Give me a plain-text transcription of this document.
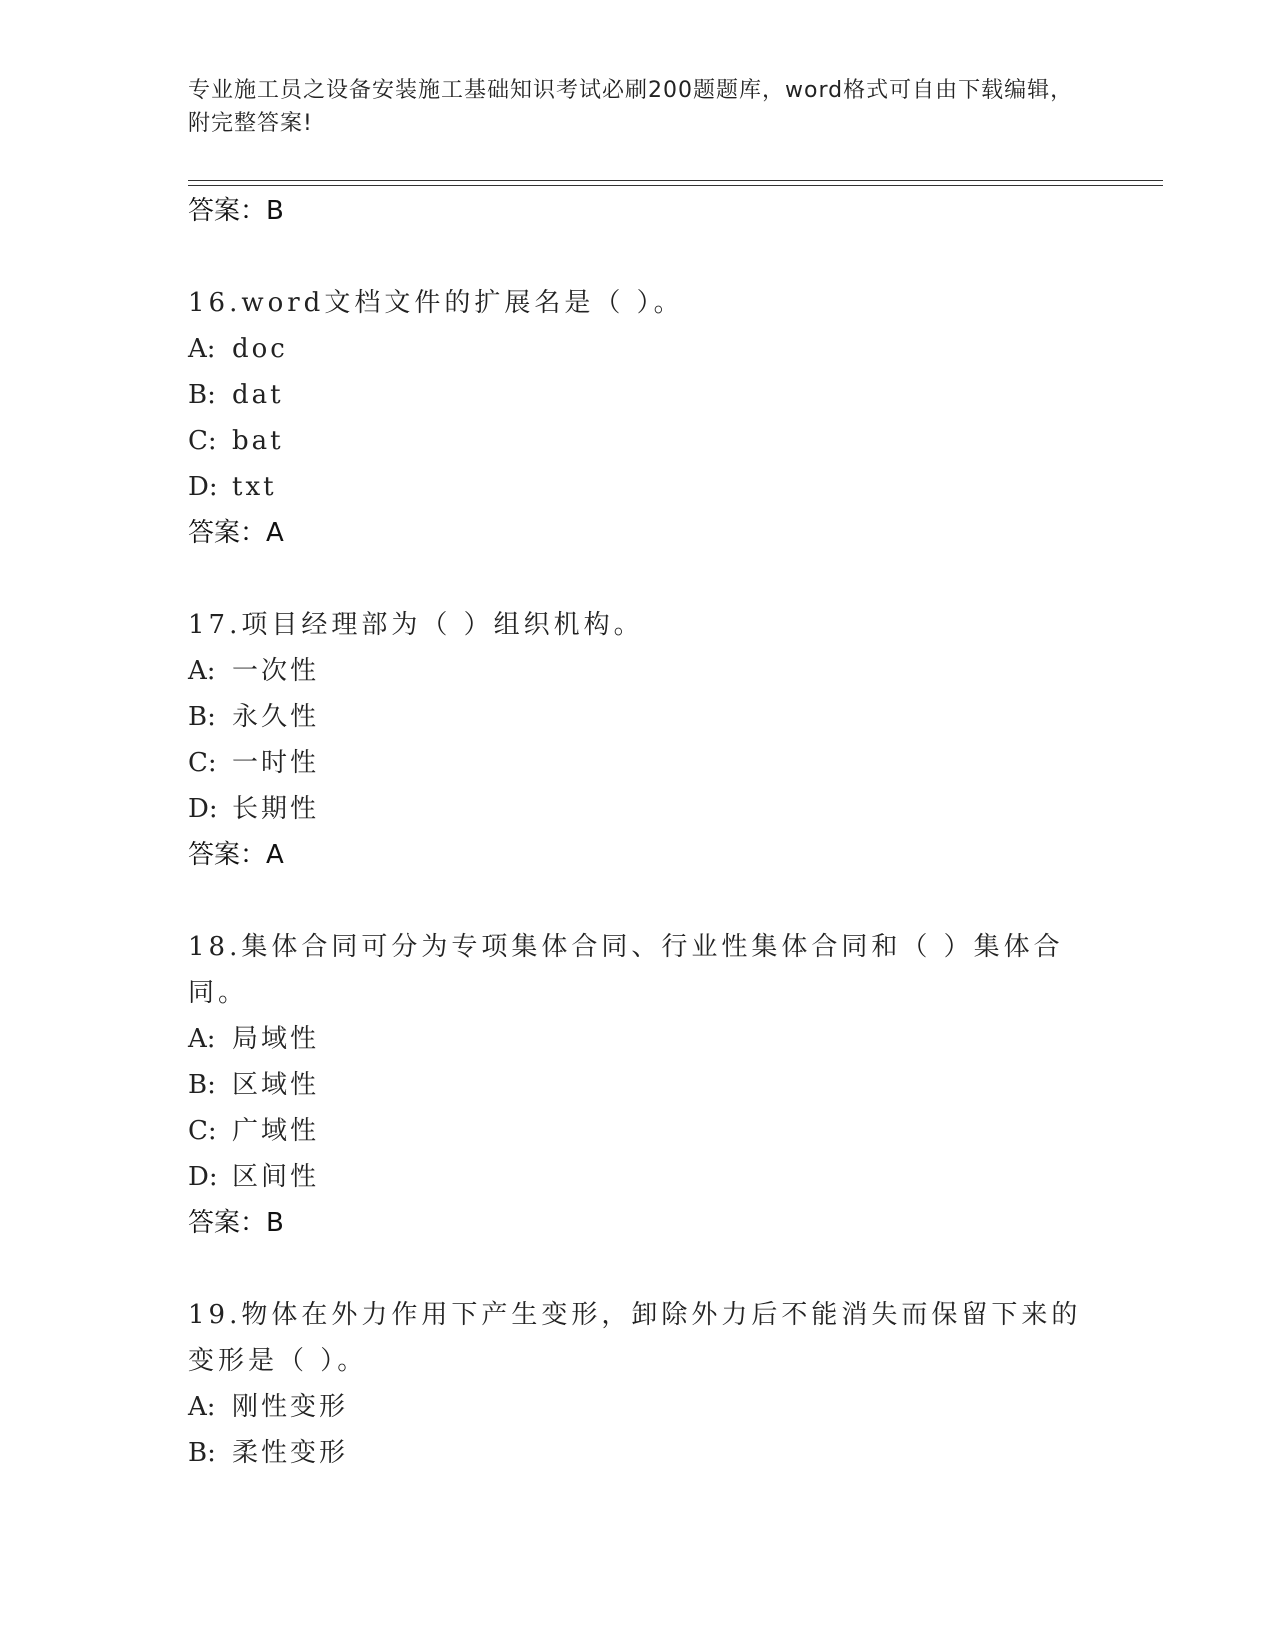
专业施工员之设备安装施工基础知识考试必刷200题题库，word格式可自由下载编辑，附完整答案!
答案：B
16.word文档文件的扩展名是（ ）。
A: doc
B: dat
C: bat
D: txt
答案：A
17.项目经理部为（ ）组织机构。
A: 一次性
B: 永久性
C: 一时性
D: 长期性
答案：A
18.集体合同可分为专项集体合同、行业性集体合同和（ ）集体合同。
A: 局域性
B: 区域性
C: 广域性
D: 区间性
答案：B
19.物体在外力作用下产生变形，卸除外力后不能消失而保留下来的变形是（ ）。
A: 刚性变形
B: 柔性变形
